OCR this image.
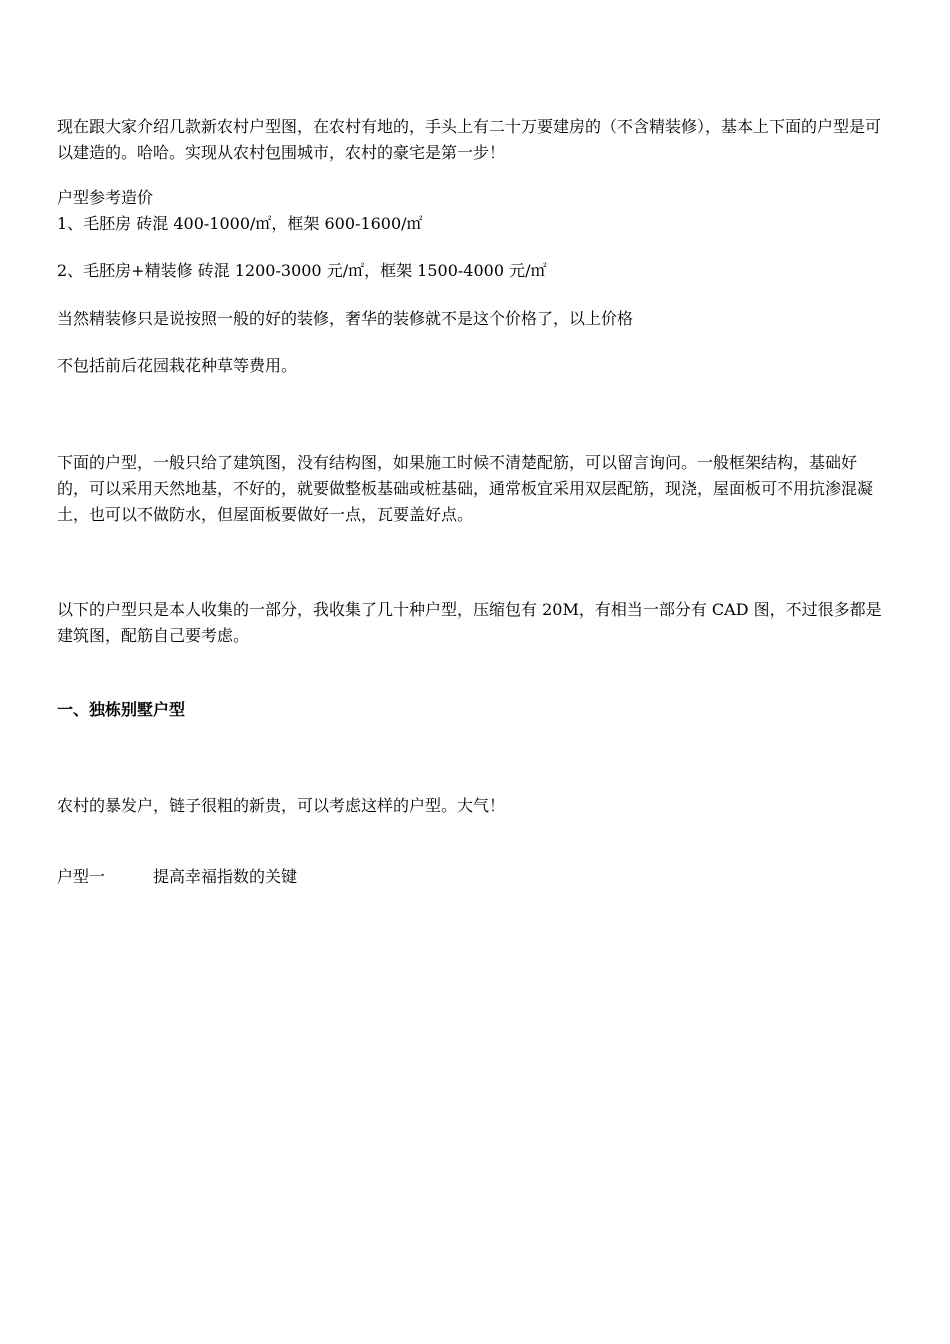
现在跟大家介绍几款新农村户型图，在农村有地的，手头上有二十万要建房的（不含精装修），基本上下面的户型是可以建造的。哈哈。实现从农村包围城市，农村的豪宅是第一步！

户型参考造价

1、毛胚房 砖混 400-1000/㎡，框架 600-1600/㎡

2、毛胚房+精装修 砖混 1200-3000 元/㎡，框架 1500-4000 元/㎡

当然精装修只是说按照一般的好的装修，奢华的装修就不是这个价格了，以上价格

不包括前后花园栽花种草等费用。

下面的户型，一般只给了建筑图，没有结构图，如果施工时候不清楚配筋，可以留言询问。一般框架结构，基础好的，可以采用天然地基，不好的，就要做整板基础或桩基础，通常板宜采用双层配筋，现浇，屋面板可不用抗渗混凝土，也可以不做防水，但屋面板要做好一点，瓦要盖好点。

以下的户型只是本人收集的一部分，我收集了几十种户型，压缩包有 20M，有相当一部分有 CAD 图，不过很多都是建筑图，配筋自己要考虑。

一、独栋别墅户型

农村的暴发户，链子很粗的新贵，可以考虑这样的户型。大气！

户型一	提高幸福指数的关键
